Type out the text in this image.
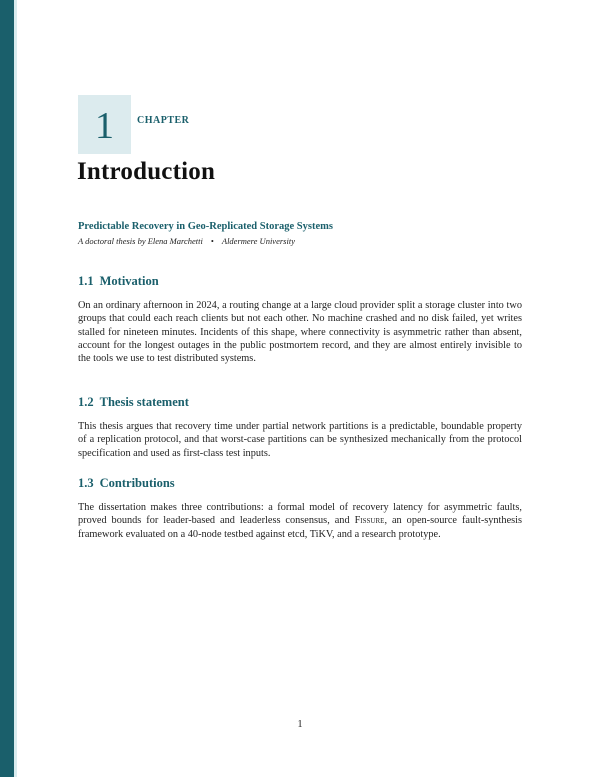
1 CHAPTER
Introduction
Predictable Recovery in Geo-Replicated Storage Systems
A doctoral thesis by Elena Marchetti • Aldermere University
1.1 Motivation

On an ordinary afternoon in 2024, a routing change at a large cloud provider split a storage cluster into two groups that could each reach clients but not each other. No machine crashed and no disk failed, yet writes stalled for nineteen minutes. Incidents of this shape, where connectivity is asymmetric rather than absent, account for the longest outages in the public postmortem record, and they are almost entirely invisible to the tools we use to test distributed systems.

1.2 Thesis statement

This thesis argues that recovery time under partial network partitions is a predictable, boundable property of a replication protocol, and that worst-case partitions can be synthesized mechanically from the protocol specification and used as first-class test inputs.

1.3 Contributions

The dissertation makes three contributions: a formal model of recovery latency for asymmetric faults, proved bounds for leader-based and leaderless consensus, and Fissure, an open-source fault-synthesis framework evaluated on a 40-node testbed against etcd, TiKV, and a research prototype.

1
